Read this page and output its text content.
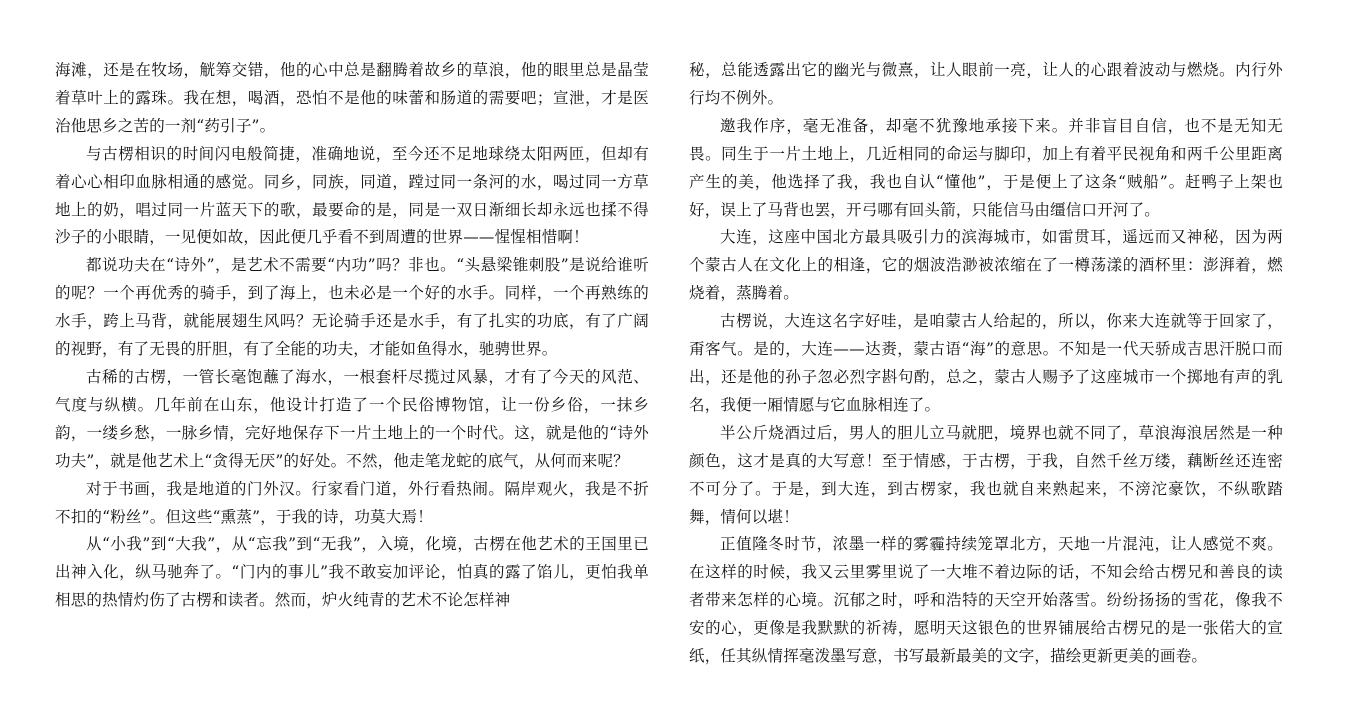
海滩，还是在牧场，觥筹交错，他的心中总是翻腾着故乡的草浪，他的眼里总是晶莹着草叶上的露珠。我在想，喝酒，恐怕不是他的味蕾和肠道的需要吧；宣泄，才是医治他思乡之苦的一剂“药引子”。

与古楞相识的时间闪电般简捷，准确地说，至今还不足地球绕太阳两匝，但却有着心心相印血脉相通的感觉。同乡，同族，同道，蹚过同一条河的水，喝过同一方草地上的奶，唱过同一片蓝天下的歌，最要命的是，同是一双日渐细长却永远也揉不得沙子的小眼睛，一见便如故，因此便几乎看不到周遭的世界——惺惺相惜啊！

都说功夫在“诗外”，是艺术不需要“内功”吗？非也。“头悬梁锥刺股”是说给谁听的呢？一个再优秀的骑手，到了海上，也未必是一个好的水手。同样，一个再熟练的水手，跨上马背，就能展翅生风吗？无论骑手还是水手，有了扎实的功底，有了广阔的视野，有了无畏的肝胆，有了全能的功夫，才能如鱼得水，驰骋世界。

古稀的古楞，一管长毫饱蘸了海水，一根套杆尽揽过风暴，才有了今天的风范、气度与纵横。几年前在山东，他设计打造了一个民俗博物馆，让一份乡俗，一抹乡韵，一缕乡愁，一脉乡情，完好地保存下一片土地上的一个时代。这，就是他的“诗外功夫”，就是他艺术上“贪得无厌”的好处。不然，他走笔龙蛇的底气，从何而来呢？

对于书画，我是地道的门外汉。行家看门道，外行看热闹。隔岸观火，我是不折不扣的“粉丝”。但这些“熏蒸”，于我的诗，功莫大焉！

从“小我”到“大我”，从“忘我”到“无我”，入境，化境，古楞在他艺术的王国里已出神入化，纵马驰奔了。“门内的事儿”我不敢妄加评论，怕真的露了馅儿，更怕我单相思的热情灼伤了古楞和读者。然而，炉火纯青的艺术不论怎样神

秘，总能透露出它的幽光与微熹，让人眼前一亮，让人的心跟着波动与燃烧。内行外行均不例外。

邀我作序，毫无准备，却毫不犹豫地承接下来。并非盲目自信，也不是无知无畏。同生于一片土地上，几近相同的命运与脚印，加上有着平民视角和两千公里距离产生的美，他选择了我，我也自认“懂他”，于是便上了这条“贼船”。赶鸭子上架也好，误上了马背也罢，开弓哪有回头箭，只能信马由缰信口开河了。

大连，这座中国北方最具吸引力的滨海城市，如雷贯耳，遥远而又神秘，因为两个蒙古人在文化上的相逢，它的烟波浩渺被浓缩在了一樽荡漾的酒杯里：澎湃着，燃烧着，蒸腾着。

古楞说，大连这名字好哇，是咱蒙古人给起的，所以，你来大连就等于回家了，甭客气。是的，大连——达赉，蒙古语“海”的意思。不知是一代天骄成吉思汗脱口而出，还是他的孙子忽必烈字斟句酌，总之，蒙古人赐予了这座城市一个掷地有声的乳名，我便一厢情愿与它血脉相连了。

半公斤烧酒过后，男人的胆儿立马就肥，境界也就不同了，草浪海浪居然是一种颜色，这才是真的大写意！至于情感，于古楞，于我，自然千丝万缕，藕断丝还连密不可分了。于是，到大连，到古楞家，我也就自来熟起来，不滂沱豪饮，不纵歌踏舞，情何以堪！

正值隆冬时节，浓墨一样的雾霾持续笼罩北方，天地一片混沌，让人感觉不爽。在这样的时候，我又云里雾里说了一大堆不着边际的话，不知会给古楞兄和善良的读者带来怎样的心境。沉郁之时，呼和浩特的天空开始落雪。纷纷扬扬的雪花，像我不安的心，更像是我默默的祈祷，愿明天这银色的世界铺展给古楞兄的是一张偌大的宣纸，任其纵情挥毫泼墨写意，书写最新最美的文字，描绘更新更美的画卷。
